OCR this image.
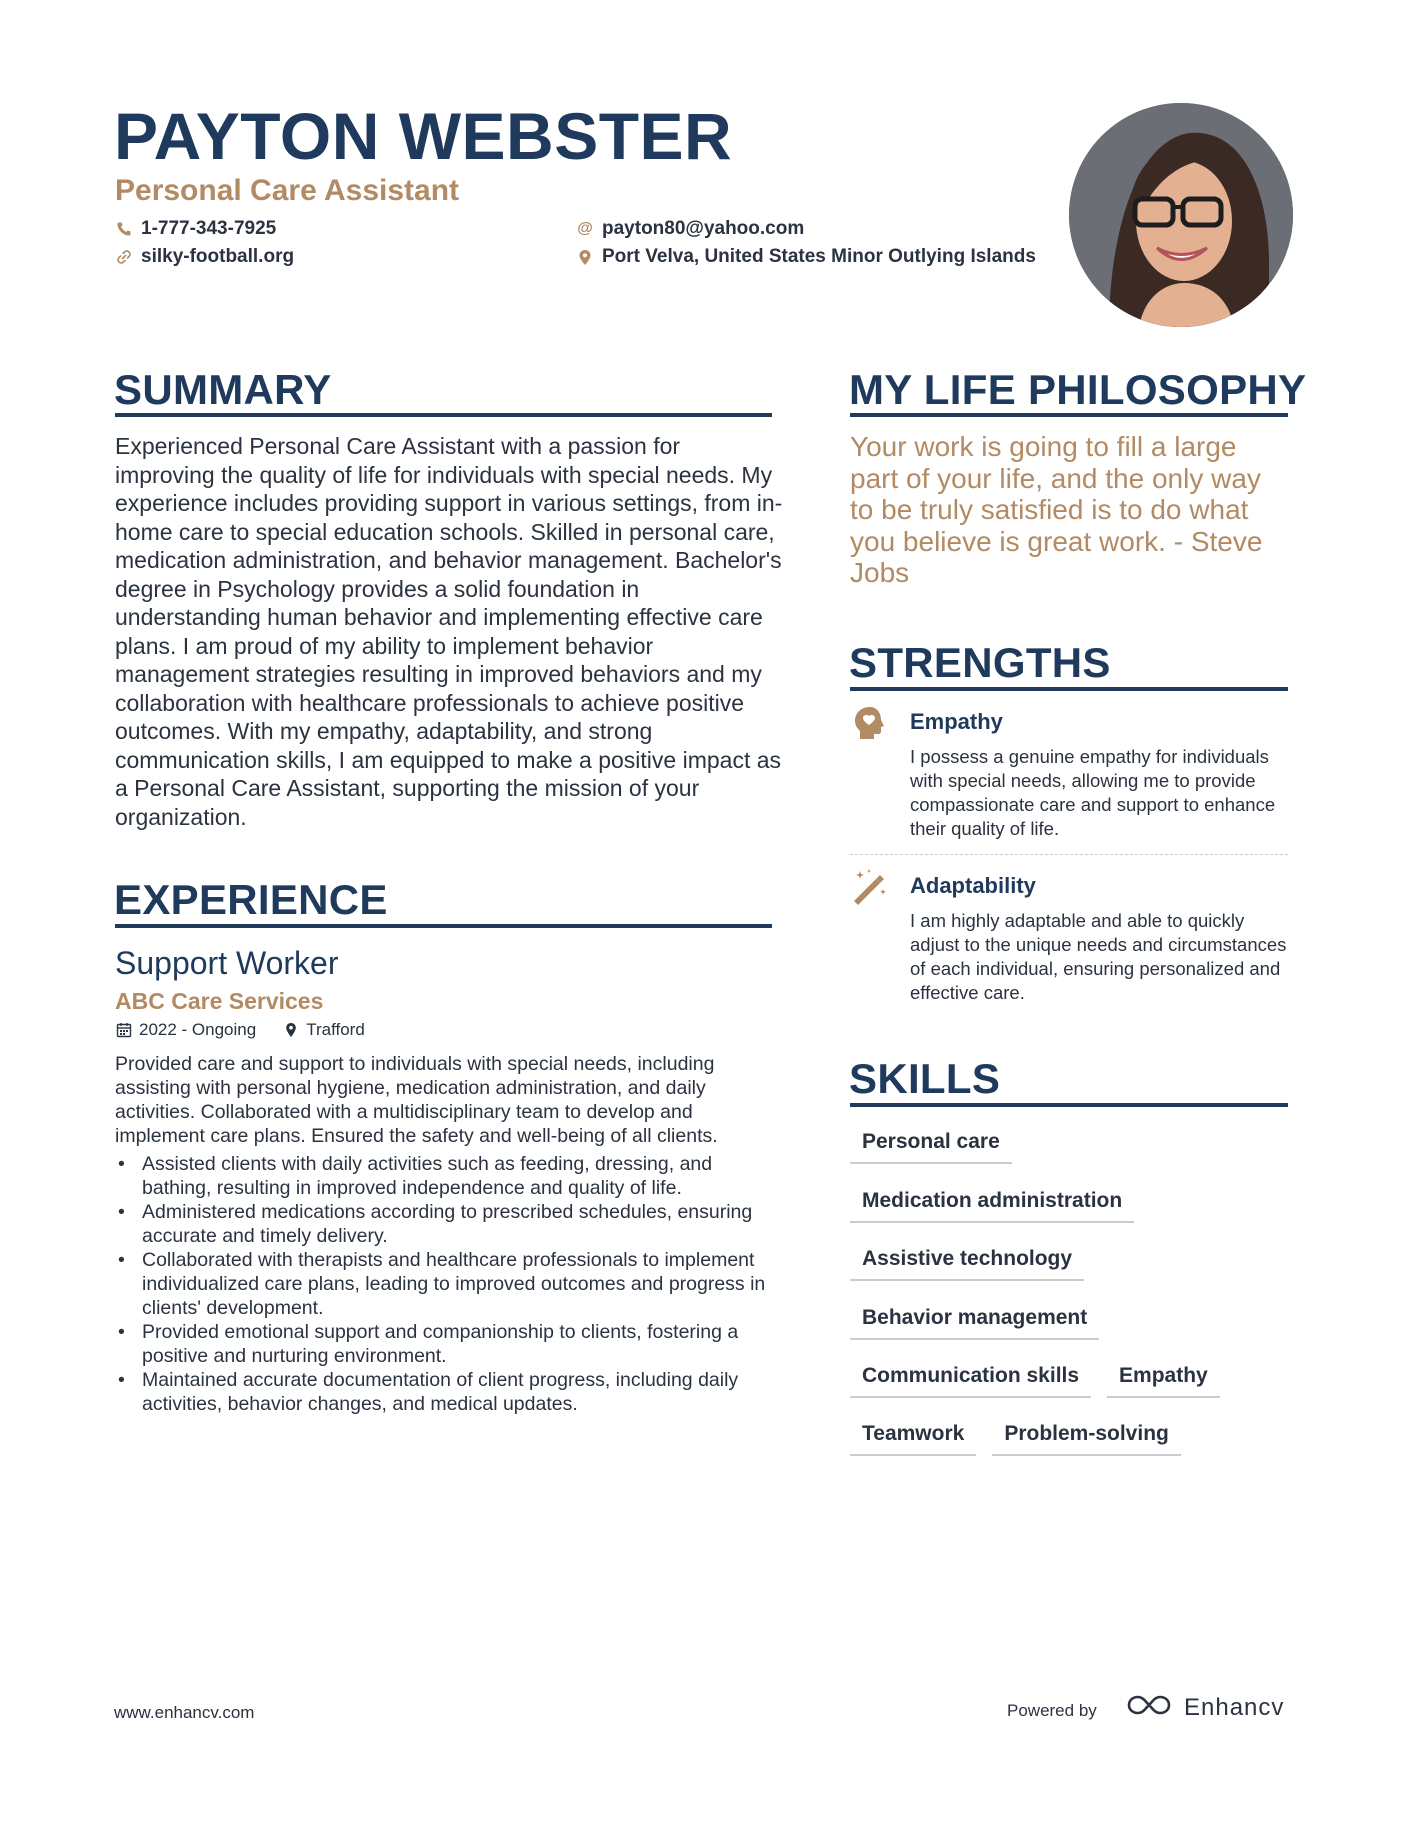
PAYTON WEBSTER
Personal Care Assistant
1-777-343-7925
silky-football.org
@ payton80@yahoo.com
Port Velva, United States Minor Outlying Islands
SUMMARY
Experienced Personal Care Assistant with a passion for improving the quality of life for individuals with special needs. My experience includes providing support in various settings, from in-home care to special education schools. Skilled in personal care, medication administration, and behavior management. Bachelor's degree in Psychology provides a solid foundation in understanding human behavior and implementing effective care plans. I am proud of my ability to implement behavior management strategies resulting in improved behaviors and my collaboration with healthcare professionals to achieve positive outcomes. With my empathy, adaptability, and strong communication skills, I am equipped to make a positive impact as a Personal Care Assistant, supporting the mission of your organization.
EXPERIENCE
Support Worker
ABC Care Services
2022 - Ongoing	Trafford
Provided care and support to individuals with special needs, including assisting with personal hygiene, medication administration, and daily activities. Collaborated with a multidisciplinary team to develop and implement care plans. Ensured the safety and well-being of all clients.
• Assisted clients with daily activities such as feeding, dressing, and bathing, resulting in improved independence and quality of life.
• Administered medications according to prescribed schedules, ensuring accurate and timely delivery.
• Collaborated with therapists and healthcare professionals to implement individualized care plans, leading to improved outcomes and progress in clients' development.
• Provided emotional support and companionship to clients, fostering a positive and nurturing environment.
• Maintained accurate documentation of client progress, including daily activities, behavior changes, and medical updates.
MY LIFE PHILOSOPHY
Your work is going to fill a large part of your life, and the only way to be truly satisfied is to do what you believe is great work. - Steve Jobs
STRENGTHS
Empathy
I possess a genuine empathy for individuals with special needs, allowing me to provide compassionate care and support to enhance their quality of life.
Adaptability
I am highly adaptable and able to quickly adjust to the unique needs and circumstances of each individual, ensuring personalized and effective care.
SKILLS
Personal care
Medication administration
Assistive technology
Behavior management
Communication skills	Empathy
Teamwork	Problem-solving
www.enhancv.com	Powered by	Enhancv
